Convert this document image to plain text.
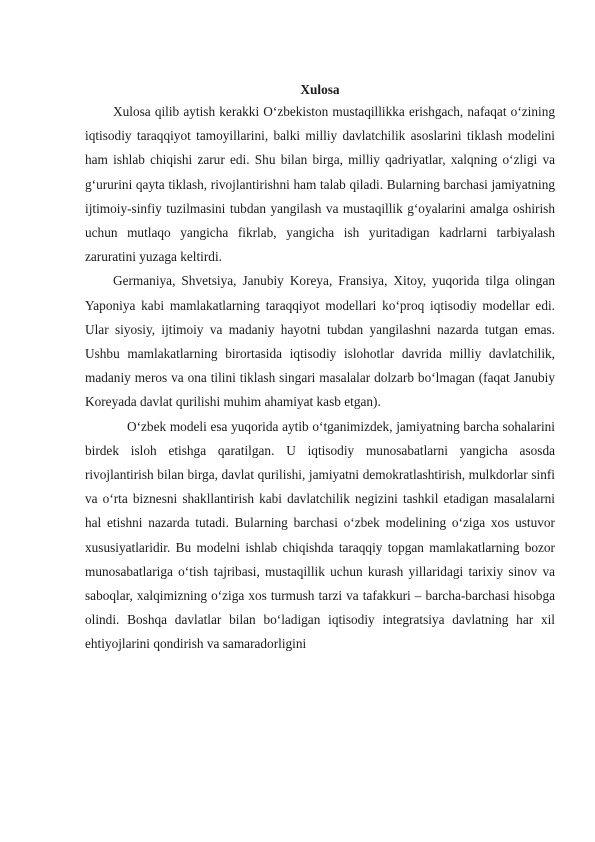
Xulosa

Xulosa qilib aytish kerakki O‘zbekiston mustaqillikka erishgach, nafaqat o‘zining iqtisodiy taraqqiyot tamoyillarini, balki milliy davlatchilik asoslarini tiklash modelini ham ishlab chiqishi zarur edi. Shu bilan birga, milliy qadriyatlar, xalqning o‘zligi va g‘ururini qayta tiklash, rivojlantirishni ham talab qiladi. Bularning barchasi jamiyatning ijtimoiy-sinfiy tuzilmasini tubdan yangilash va mustaqillik g‘oyalarini amalga oshirish uchun mutlaqo yangicha fikrlab, yangicha ish yuritadigan kadrlarni tarbiyalash zaruratini yuzaga keltirdi.

Germaniya, Shvetsiya, Janubiy Koreya, Fransiya, Xitoy, yuqorida tilga olingan Yaponiya kabi mamlakatlarning taraqqiyot modellari ko‘proq iqtisodiy modellar edi. Ular siyosiy, ijtimoiy va madaniy hayotni tubdan yangilashni nazarda tutgan emas. Ushbu mamlakatlarning birortasida iqtisodiy islohotlar davrida milliy davlatchilik, madaniy meros va ona tilini tiklash singari masalalar dolzarb bo‘lmagan (faqat Janubiy Koreyada davlat qurilishi muhim ahamiyat kasb etgan).

O‘zbek modeli esa yuqorida aytib o‘tganimizdek, jamiyatning barcha sohalarini birdek isloh etishga qaratilgan. U iqtisodiy munosabatlarni yangicha asosda rivojlantirish bilan birga, davlat qurilishi, jamiyatni demokratlashtirish, mulkdorlar sinfi va o‘rta biznesni shakllantirish kabi davlatchilik negizini tashkil etadigan masalalarni hal etishni nazarda tutadi. Bularning barchasi o‘zbek modelining o‘ziga xos ustuvor xususiyatlaridir. Bu modelni ishlab chiqishda taraqqiy topgan mamlakatlarning bozor munosabatlariga o‘tish tajribasi, mustaqillik uchun kurash yillaridagi tarixiy sinov va saboqlar, xalqimizning o‘ziga xos turmush tarzi va tafakkuri – barcha-barchasi hisobga olindi. Boshqa davlatlar bilan bo‘ladigan iqtisodiy integratsiya davlatning har xil ehtiyojlarini qondirish va samaradorligini
